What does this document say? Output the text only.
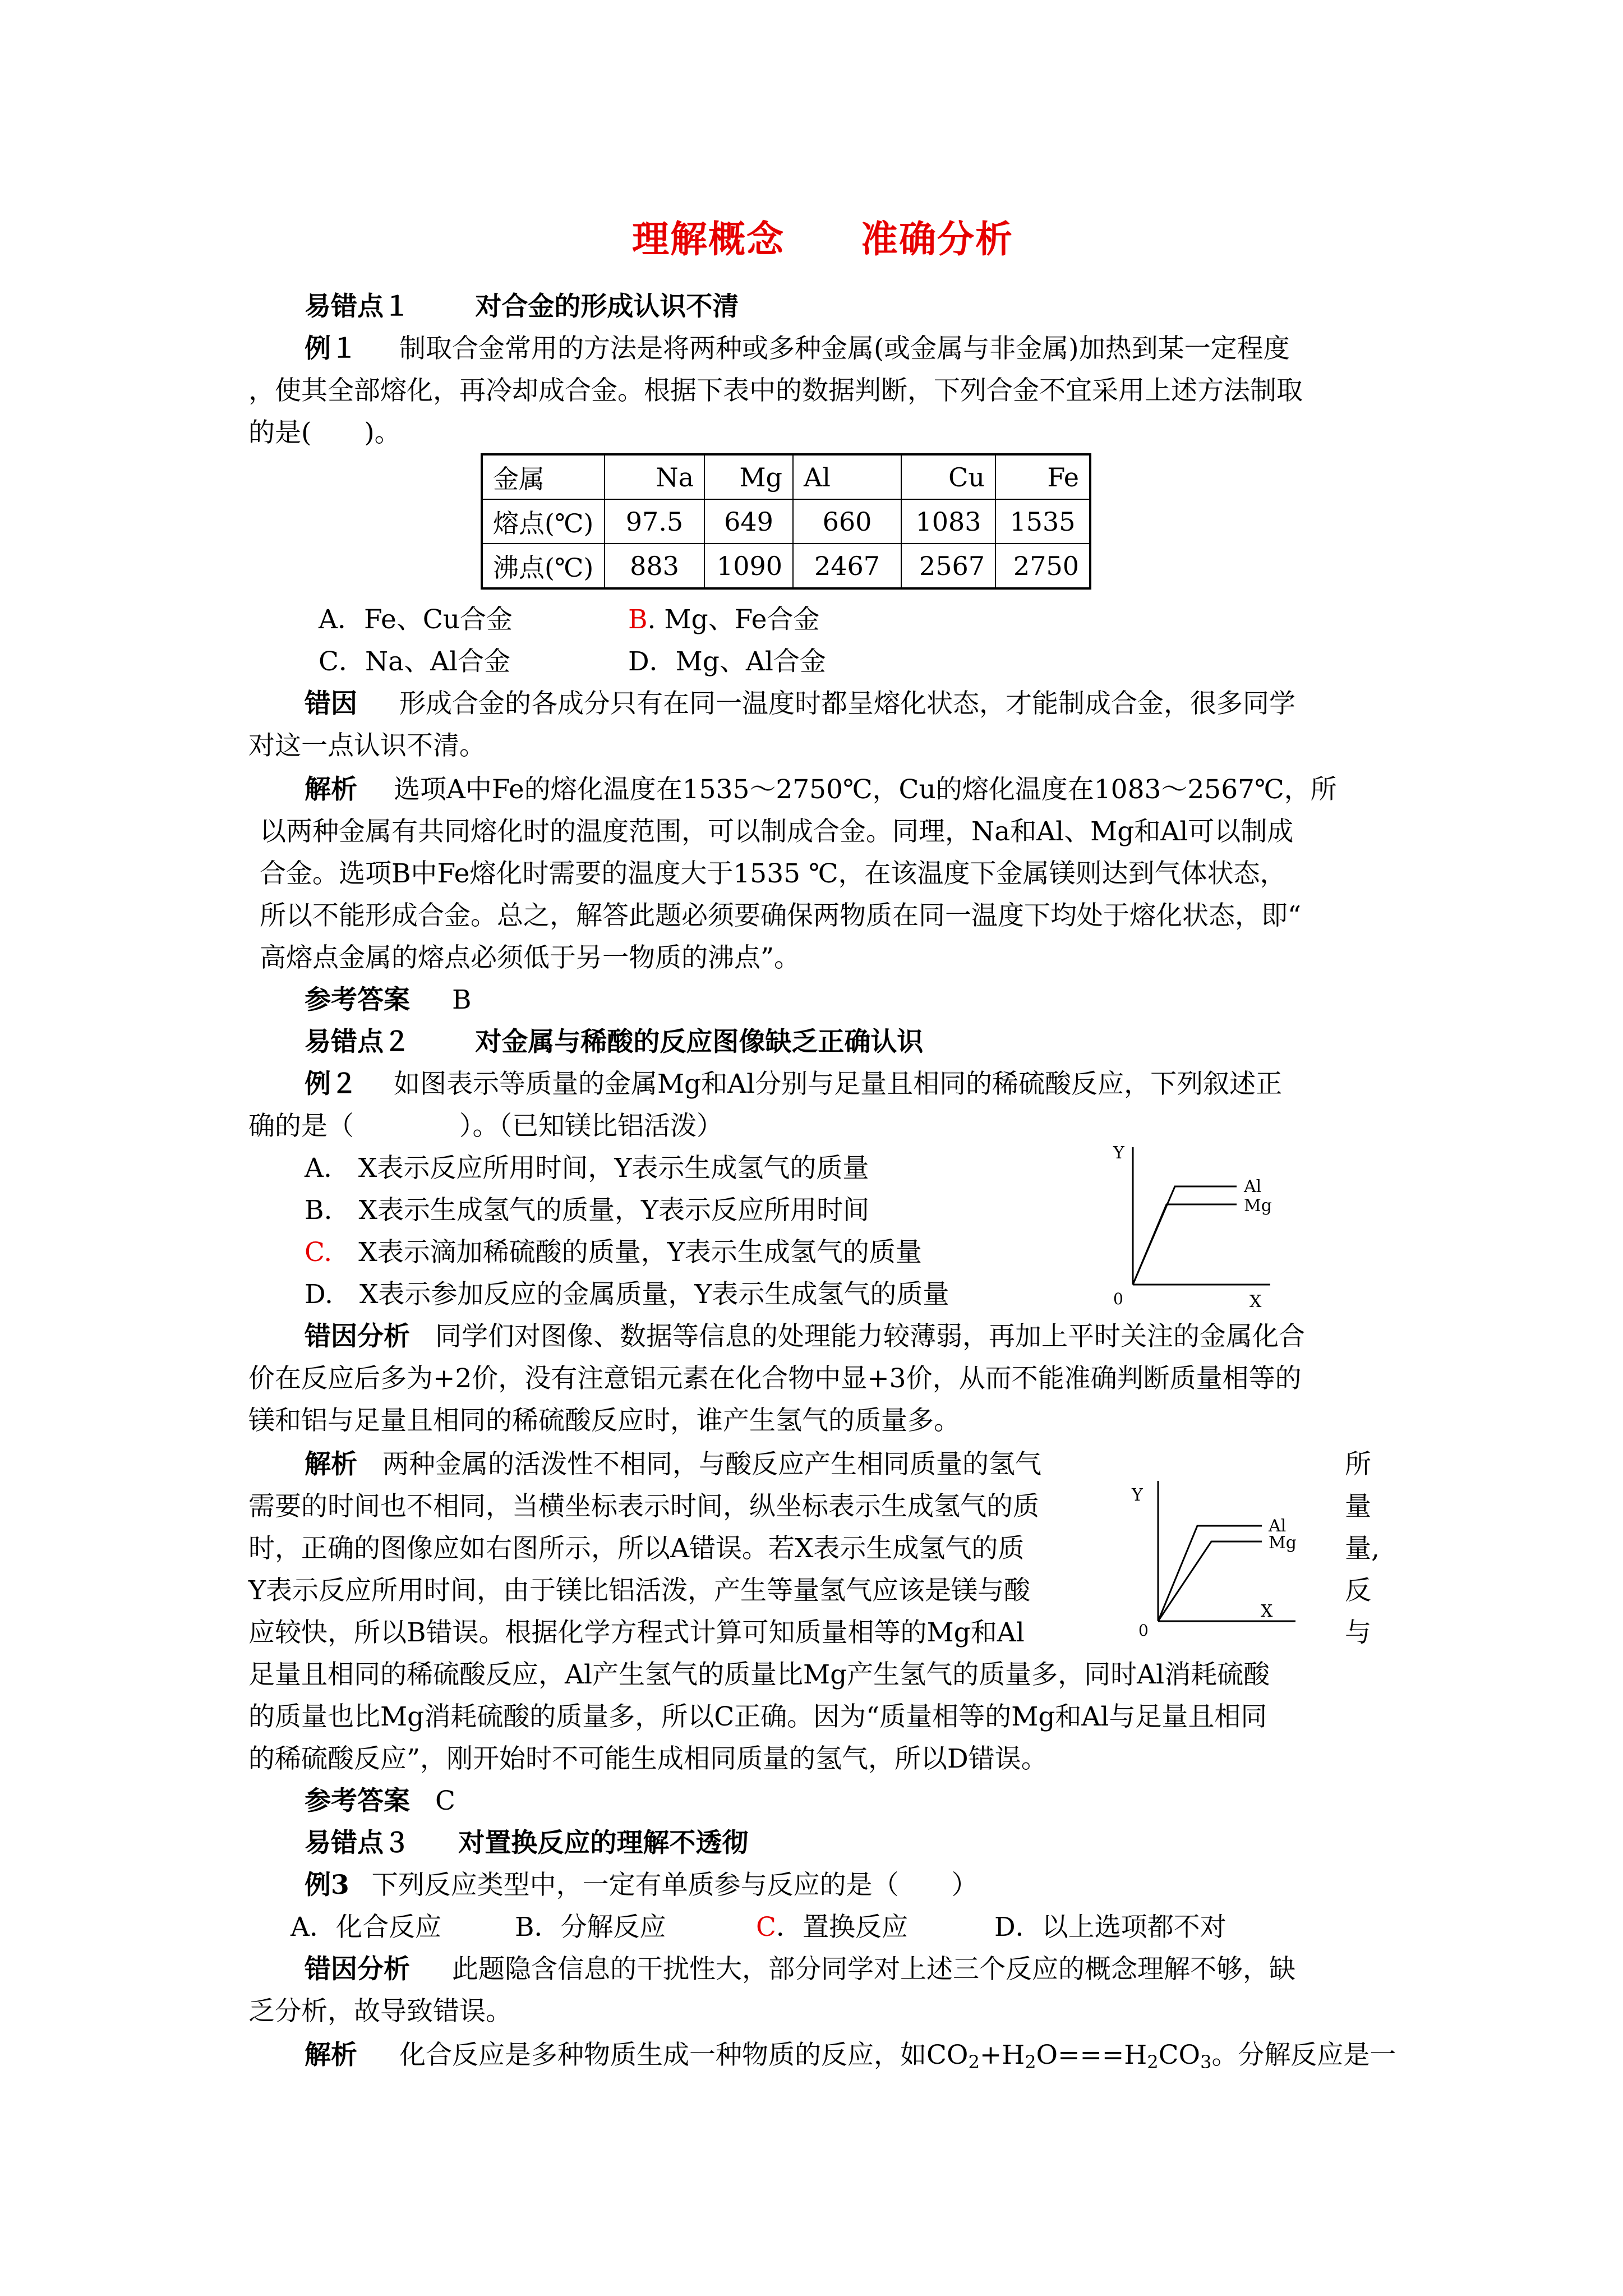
理解概念　　准确分析
易错点１ 对合金的形成认识不清
例１ 制取合金常用的方法是将两种或多种金属(或金属与非金属)加热到某一定程度
，使其全部熔化，再冷却成合金。根据下表中的数据判断，下列合金不宜采用上述方法制取
的是(　　)。
金属	Na	Mg	Al	Cu	Fe
熔点(℃)	97.5	649	660	1083	1535
沸点(℃)	883	1090	2467	2567	2750
A．Fe、Cu合金	B. Mg、Fe合金
C．Na、Al合金	D．Mg、Al合金
错因 形成合金的各成分只有在同一温度时都呈熔化状态，才能制成合金，很多同学
对这一点认识不清。
解析 选项A中Fe的熔化温度在1535～2750℃，Cu的熔化温度在1083～2567℃，所
以两种金属有共同熔化时的温度范围，可以制成合金。同理，Na和Al、Mg和Al可以制成
合金。选项B中Fe熔化时需要的温度大于1535 ℃，在该温度下金属镁则达到气体状态，
所以不能形成合金。总之，解答此题必须要确保两物质在同一温度下均处于熔化状态，即“
高熔点金属的熔点必须低于另一物质的沸点”。
参考答案 B
易错点２ 对金属与稀酸的反应图像缺乏正确认识
例２ 如图表示等质量的金属Mg和Al分别与足量且相同的稀硫酸反应，下列叙述正
确的是（　　　　）。（已知镁比铝活泼）
A.　X表示反应所用时间，Y表示生成氢气的质量
B.　X表示生成氢气的质量，Y表示反应所用时间
C.　X表示滴加稀硫酸的质量，Y表示生成氢气的质量
D.　X表示参加反应的金属质量，Y表示生成氢气的质量
Y
X
0
Al
Mg
错因分析 同学们对图像、数据等信息的处理能力较薄弱，再加上平时关注的金属化合
价在反应后多为+2价，没有注意铝元素在化合物中显+3价，从而不能准确判断质量相等的
镁和铝与足量且相同的稀硫酸反应时，谁产生氢气的质量多。
解析 两种金属的活泼性不相同，与酸反应产生相同质量的氢气
需要的时间也不相同，当横坐标表示时间，纵坐标表示生成氢气的质
时，正确的图像应如右图所示，所以A错误。若X表示生成氢气的质
Y表示反应所用时间，由于镁比铝活泼，产生等量氢气应该是镁与酸
应较快，所以B错误。根据化学方程式计算可知质量相等的Mg和Al
所
量
量,
反
与
Y
X
0
Al
Mg
足量且相同的稀硫酸反应，Al产生氢气的质量比Mg产生氢气的质量多，同时Al消耗硫酸
的质量也比Mg消耗硫酸的质量多，所以C正确。因为“质量相等的Mg和Al与足量且相同
的稀硫酸反应”，刚开始时不可能生成相同质量的氢气，所以D错误。
参考答案 C
易错点３ 对置换反应的理解不透彻
例3 下列反应类型中，一定有单质参与反应的是（　　）
A．化合反应	B．分解反应	C．置换反应	D．以上选项都不对
错因分析 此题隐含信息的干扰性大，部分同学对上述三个反应的概念理解不够，缺
乏分析，故导致错误。
解析 化合反应是多种物质生成一种物质的反应，如$CO_2+H_2O===H_2CO_3$。分解反应是一
